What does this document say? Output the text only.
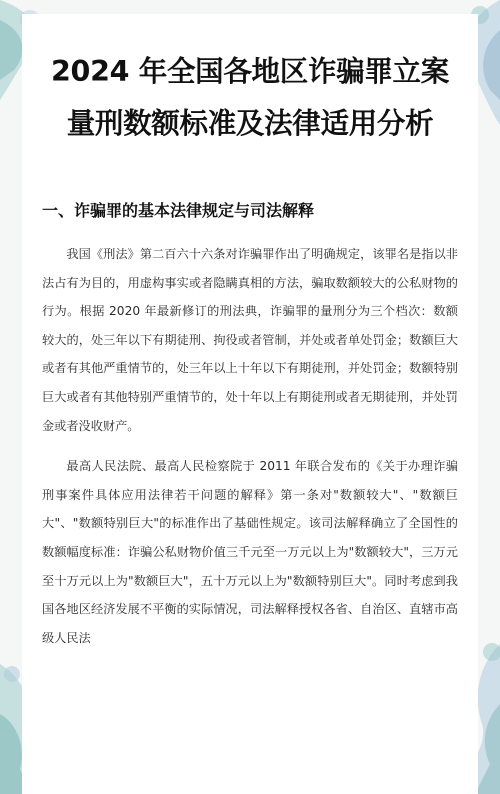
2024 年全国各地区诈骗罪立案
量刑数额标准及法律适用分析
一、诈骗罪的基本法律规定与司法解释

我国《刑法》第二百六十六条对诈骗罪作出了明确规定，该罪名是指以非法占有为目的，用虚构事实或者隐瞒真相的方法，骗取数额较大的公私财物的行为。根据 2020 年最新修订的刑法典，诈骗罪的量刑分为三个档次：数额较大的，处三年以下有期徒刑、拘役或者管制，并处或者单处罚金；数额巨大或者有其他严重情节的，处三年以上十年以下有期徒刑，并处罚金；数额特别巨大或者有其他特别严重情节的，处十年以上有期徒刑或者无期徒刑，并处罚金或者没收财产。

最高人民法院、最高人民检察院于 2011 年联合发布的《关于办理诈骗刑事案件具体应用法律若干问题的解释》第一条对"数额较大"、"数额巨大"、"数额特别巨大"的标准作出了基础性规定。该司法解释确立了全国性的数额幅度标准：诈骗公私财物价值三千元至一万元以上为"数额较大"，三万元至十万元以上为"数额巨大"，五十万元以上为"数额特别巨大"。同时考虑到我国各地区经济发展不平衡的实际情况，司法解释授权各省、自治区、直辖市高级人民法
